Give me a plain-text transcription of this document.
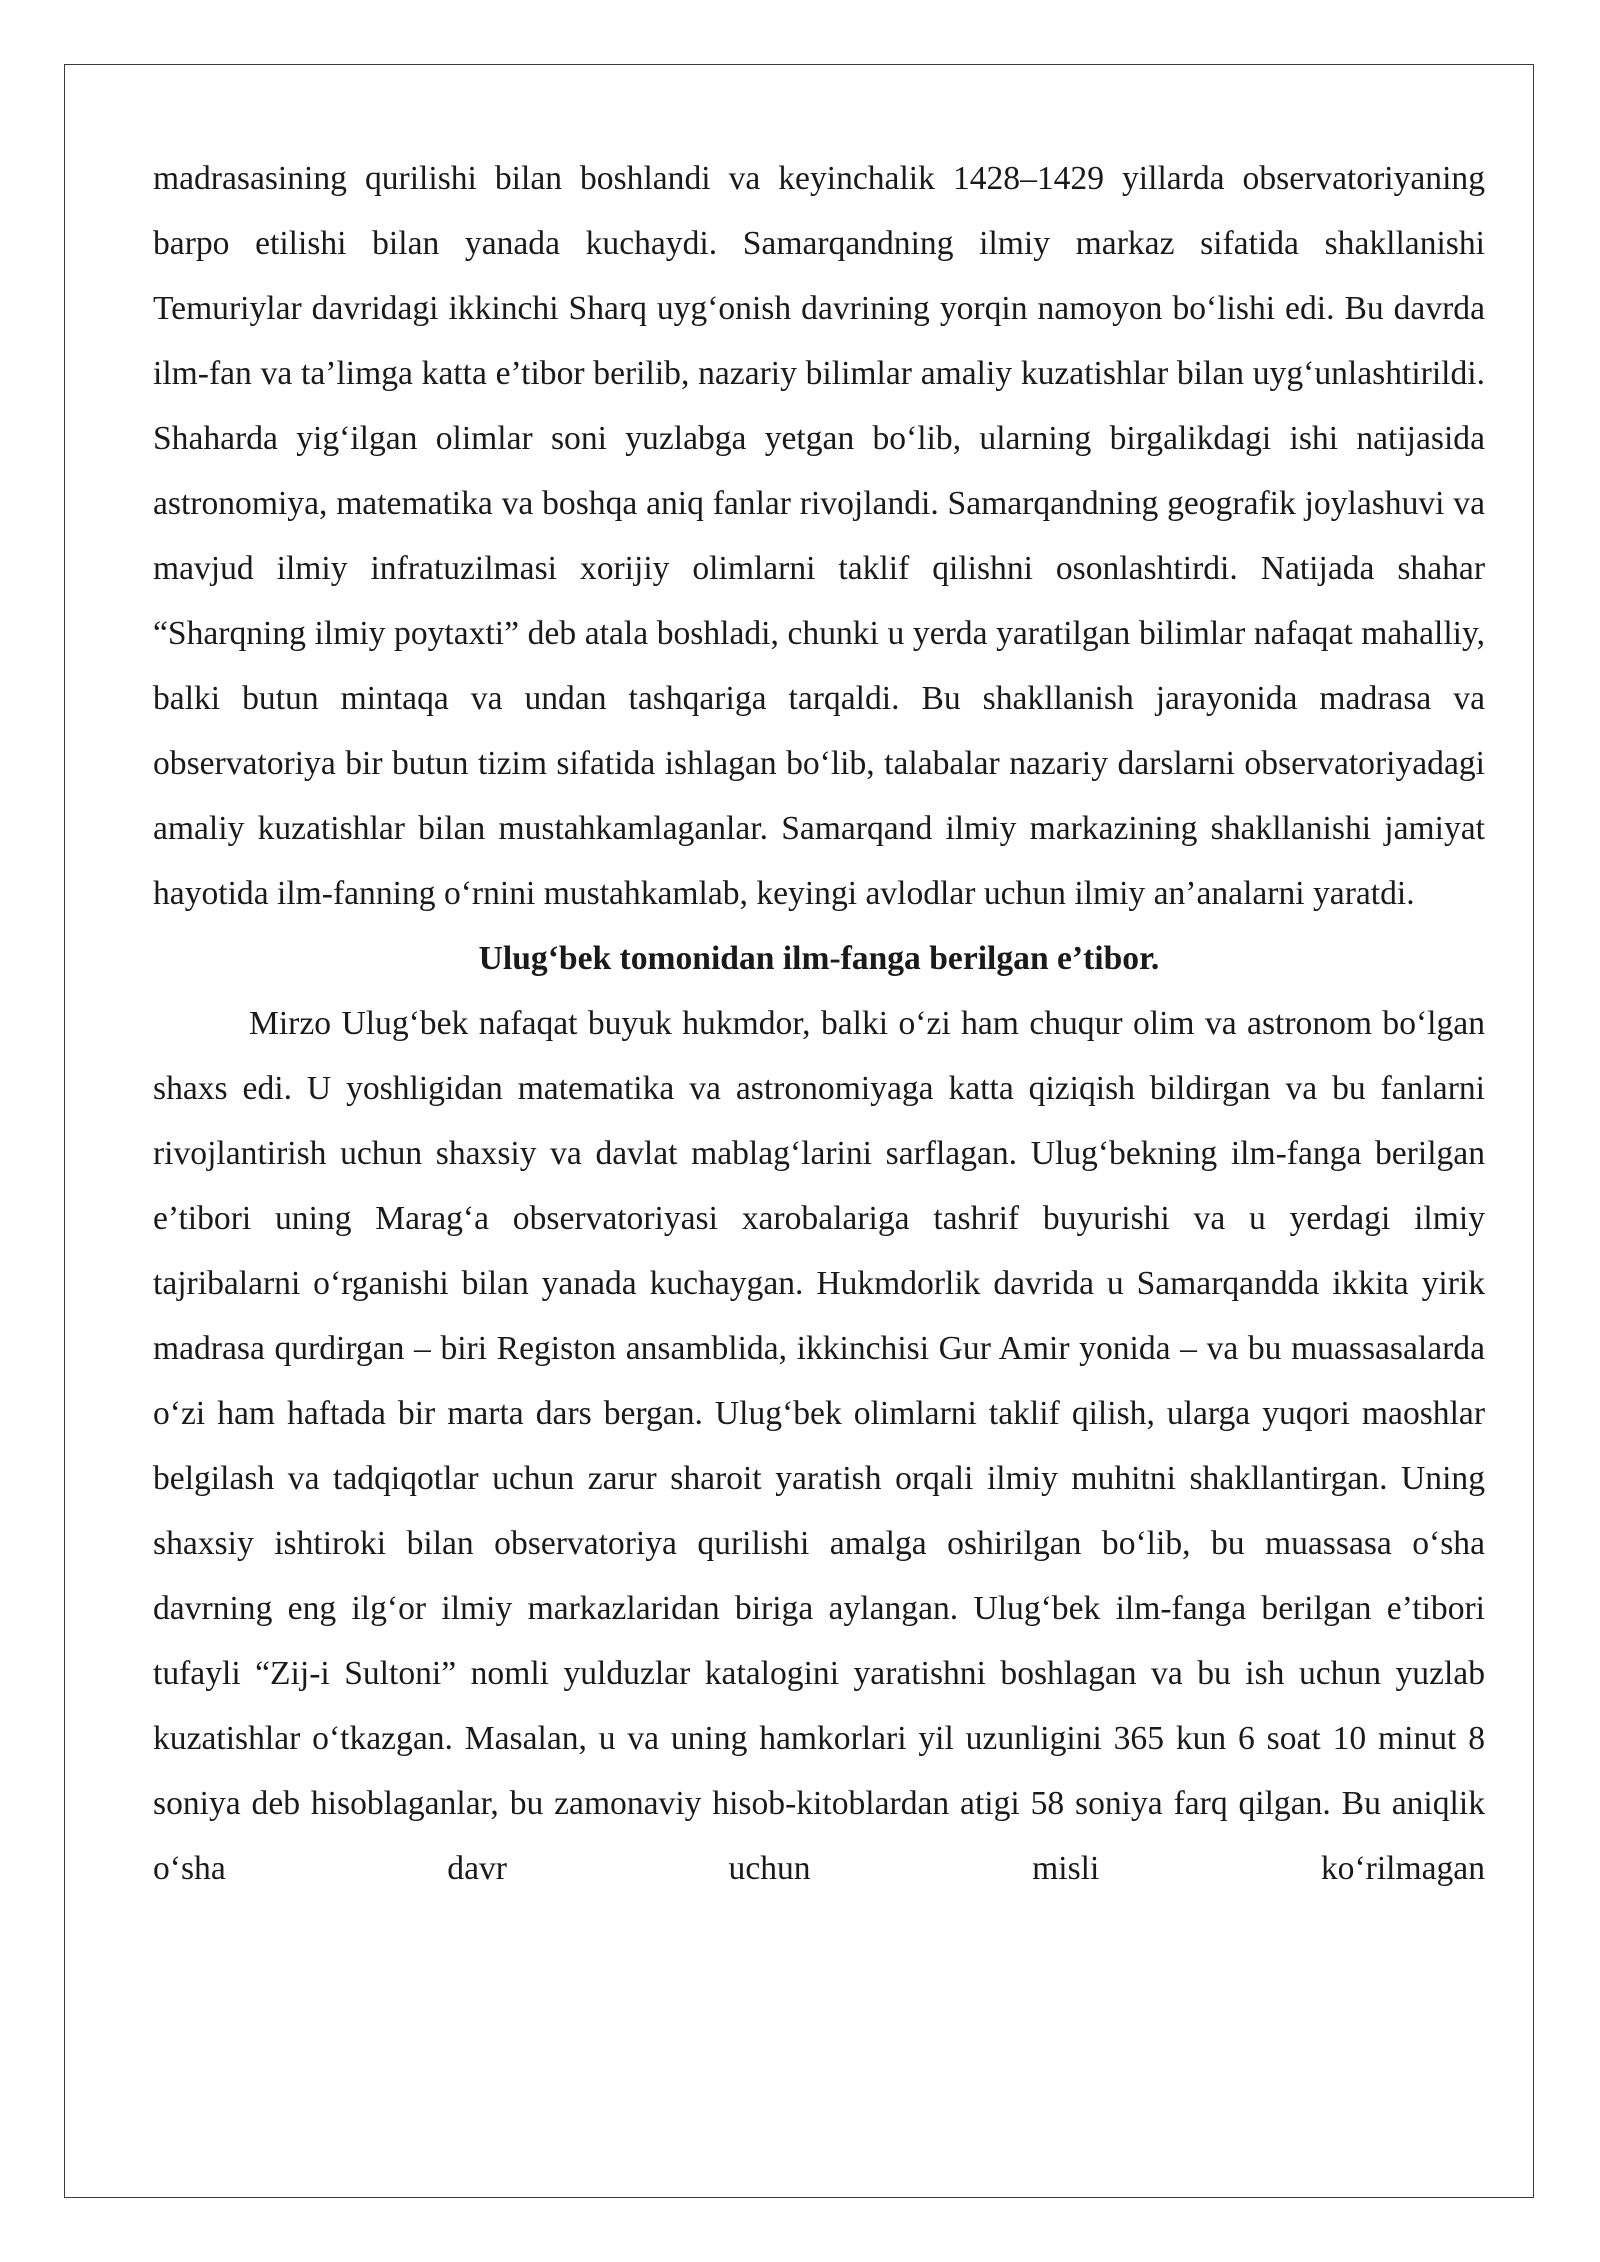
madrasasining qurilishi bilan boshlandi va keyinchalik 1428–1429 yillarda observatoriyaning barpo etilishi bilan yanada kuchaydi. Samarqandning ilmiy markaz sifatida shakllanishi Temuriylar davridagi ikkinchi Sharq uyg‘onish davrining yorqin namoyon bo‘lishi edi. Bu davrda ilm-fan va ta’limga katta e’tibor berilib, nazariy bilimlar amaliy kuzatishlar bilan uyg‘unlashtirildi. Shaharda yig‘ilgan olimlar soni yuzlabga yetgan bo‘lib, ularning birgalikdagi ishi natijasida astronomiya, matematika va boshqa aniq fanlar rivojlandi. Samarqandning geografik joylashuvi va mavjud ilmiy infratuzilmasi xorijiy olimlarni taklif qilishni osonlashtirdi. Natijada shahar “Sharqning ilmiy poytaxti” deb atala boshladi, chunki u yerda yaratilgan bilimlar nafaqat mahalliy, balki butun mintaqa va undan tashqariga tarqaldi. Bu shakllanish jarayonida madrasa va observatoriya bir butun tizim sifatida ishlagan bo‘lib, talabalar nazariy darslarni observatoriyadagi amaliy kuzatishlar bilan mustahkamlaganlar. Samarqand ilmiy markazining shakllanishi jamiyat hayotida ilm-fanning o‘rnini mustahkamlab, keyingi avlodlar uchun ilmiy an’analarni yaratdi.

Ulug‘bek tomonidan ilm-fanga berilgan e’tibor.

Mirzo Ulug‘bek nafaqat buyuk hukmdor, balki o‘zi ham chuqur olim va astronom bo‘lgan shaxs edi. U yoshligidan matematika va astronomiyaga katta qiziqish bildirgan va bu fanlarni rivojlantirish uchun shaxsiy va davlat mablag‘larini sarflagan. Ulug‘bekning ilm-fanga berilgan e’tibori uning Marag‘a observatoriyasi xarobalariga tashrif buyurishi va u yerdagi ilmiy tajribalarni o‘rganishi bilan yanada kuchaygan. Hukmdorlik davrida u Samarqandda ikkita yirik madrasa qurdirgan – biri Registon ansamblida, ikkinchisi Gur Amir yonida – va bu muassasalarda o‘zi ham haftada bir marta dars bergan. Ulug‘bek olimlarni taklif qilish, ularga yuqori maoshlar belgilash va tadqiqotlar uchun zarur sharoit yaratish orqali ilmiy muhitni shakllantirgan. Uning shaxsiy ishtiroki bilan observatoriya qurilishi amalga oshirilgan bo‘lib, bu muassasa o‘sha davrning eng ilg‘or ilmiy markazlaridan biriga aylangan. Ulug‘bek ilm-fanga berilgan e’tibori tufayli “Zij-i Sultoni” nomli yulduzlar katalogini yaratishni boshlagan va bu ish uchun yuzlab kuzatishlar o‘tkazgan. Masalan, u va uning hamkorlari yil uzunligini 365 kun 6 soat 10 minut 8 soniya deb hisoblaganlar, bu zamonaviy hisob-kitoblardan atigi 58 soniya farq qilgan. Bu aniqlik o‘sha davr uchun misli ko‘rilmagan
